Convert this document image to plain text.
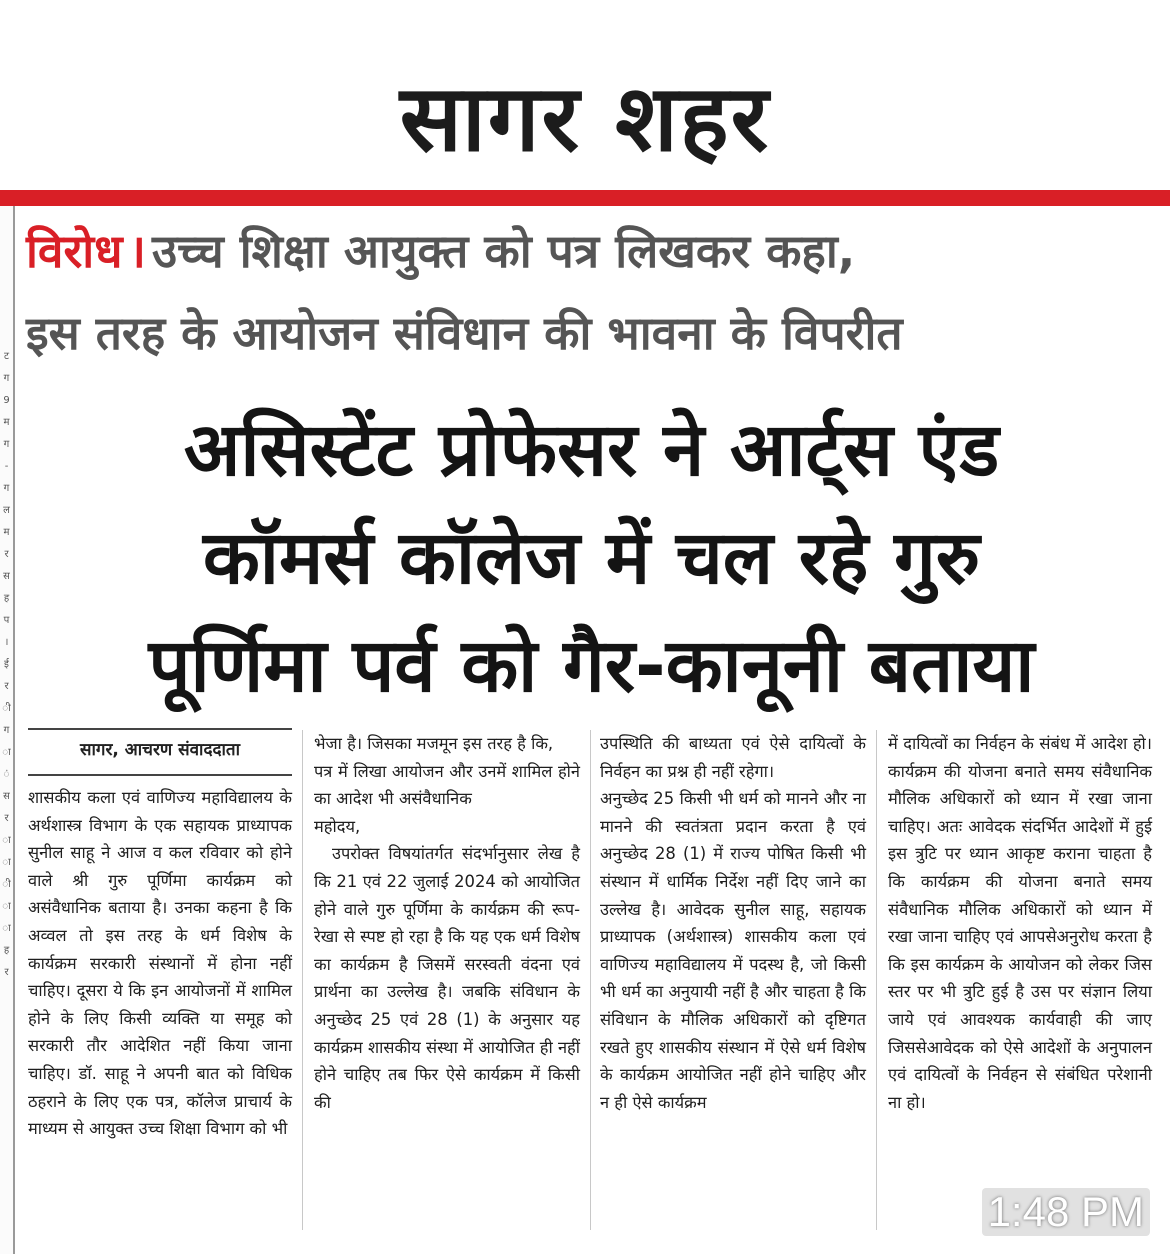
सागर शहर
ट
ग
9
म
ग
-
ग
ल
म
र
स
ह
प
।
ई
र
ी
ग
ा
ं
स
र
ा
ा
ी
ा
ा
ह
र
विरोध । उच्च शिक्षा आयुक्त को पत्र लिखकर कहा,
इस तरह के आयोजन संविधान की भावना के विपरीत
असिस्टेंट प्रोफेसर ने आर्ट्स एंड
कॉमर्स कॉलेज में चल रहे गुरु
पूर्णिमा पर्व को गैर-कानूनी बताया
सागर, आचरण संवाददाता

शासकीय कला एवं वाणिज्य महाविद्यालय के अर्थशास्त्र विभाग के एक सहायक प्राध्यापक सुनील साहू ने आज व कल रविवार को होने वाले श्री गुरु पूर्णिमा कार्यक्रम को असंवैधानिक बताया है। उनका कहना है कि अव्वल तो इस तरह के धर्म विशेष के कार्यक्रम सरकारी संस्थानों में होना नहीं चाहिए। दूसरा ये कि इन आयोजनों में शामिल होने के लिए किसी व्यक्ति या समूह को सरकारी तौर आदेशित नहीं किया जाना चाहिए। डॉ. साहू ने अपनी बात को विधिक ठहराने के लिए एक पत्र, कॉलेज प्राचार्य के माध्यम से आयुक्त उच्च शिक्षा विभाग को भी

भेजा है। जिसका मजमून इस तरह है कि,

पत्र में लिखा आयोजन और उनमें शामिल होने का आदेश भी असंवैधानिक

महोदय,

उपरोक्त विषयांतर्गत संदर्भानुसार लेख है कि 21 एवं 22 जुलाई 2024 को आयोजित होने वाले गुरु पूर्णिमा के कार्यक्रम की रूप-रेखा से स्पष्ट हो रहा है कि यह एक धर्म विशेष का कार्यक्रम है जिसमें सरस्वती वंदना एवं प्रार्थना का उल्लेख है। जबकि संविधान के अनुच्छेद 25 एवं 28 (1) के अनुसार यह कार्यक्रम शासकीय संस्था में आयोजित ही नहीं होने चाहिए तब फिर ऐसे कार्यक्रम में किसी की

उपस्थिति की बाध्यता एवं ऐसे दायित्वों के निर्वहन का प्रश्न ही नहीं रहेगा।

अनुच्छेद 25 किसी भी धर्म को मानने और ना मानने की स्वतंत्रता प्रदान करता है एवं अनुच्छेद 28 (1) में राज्य पोषित किसी भी संस्थान में धार्मिक निर्देश नहीं दिए जाने का उल्लेख है। आवेदक सुनील साहू, सहायक प्राध्यापक (अर्थशास्त्र) शासकीय कला एवं वाणिज्य महाविद्यालय में पदस्थ है, जो किसी भी धर्म का अनुयायी नहीं है और चाहता है कि संविधान के मौलिक अधिकारों को दृष्टिगत रखते हुए शासकीय संस्थान में ऐसे धर्म विशेष के कार्यक्रम आयोजित नहीं होने चाहिए और न ही ऐसे कार्यक्रम

में दायित्वों का निर्वहन के संबंध में आदेश हो। कार्यक्रम की योजना बनाते समय संवैधानिक मौलिक अधिकारों को ध्यान में रखा जाना चाहिए। अतः आवेदक संदर्भित आदेशों में हुई इस त्रुटि पर ध्यान आकृष्ट कराना चाहता है कि कार्यक्रम की योजना बनाते समय संवैधानिक मौलिक अधिकारों को ध्यान में रखा जाना चाहिए एवं आपसेअनुरोध करता है कि इस कार्यक्रम के आयोजन को लेकर जिस स्तर पर भी त्रुटि हुई है उस पर संज्ञान लिया जाये एवं आवश्यक कार्यवाही की जाए जिससेआवेदक को ऐसे आदेशों के अनुपालन एवं दायित्वों के निर्वहन से संबंधित परेशानी ना हो।

1:48 PM
